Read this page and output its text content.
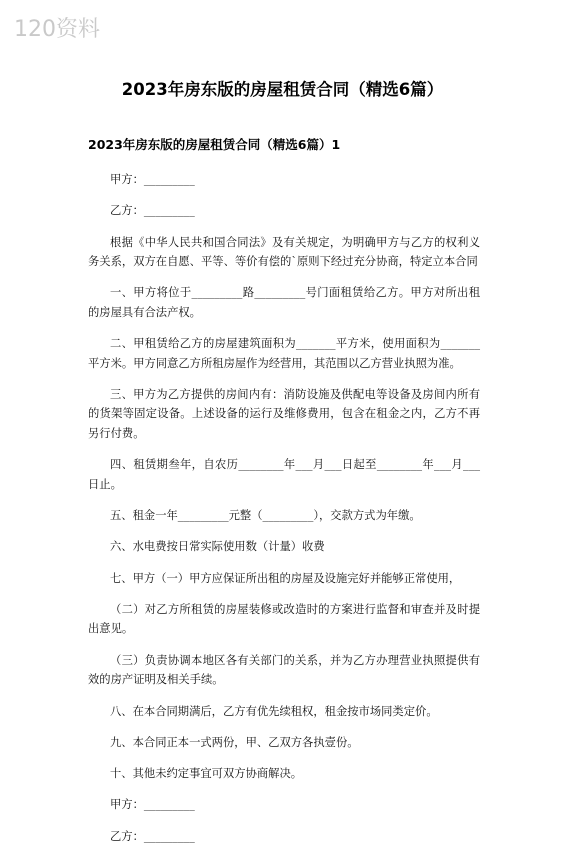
120资料
2023年房东版的房屋租赁合同（精选6篇）
2023年房东版的房屋租赁合同（精选6篇）1

甲方：_________

乙方：_________

根据《中华人民共和国合同法》及有关规定，为明确甲方与乙方的权利义务关系，双方在自愿、平等、等价有偿的`原则下经过充分协商，特定立本合同

一、甲方将位于_________路_________号门面租赁给乙方。甲方对所出租的房屋具有合法产权。

二、甲租赁给乙方的房屋建筑面积为_______平方米，使用面积为_______平方米。甲方同意乙方所租房屋作为经营用，其范围以乙方营业执照为准。

三、甲方为乙方提供的房间内有：消防设施及供配电等设备及房间内所有的货架等固定设备。上述设备的运行及维修费用，包含在租金之内，乙方不再另行付费。

四、租赁期叁年，自农历________年___月___日起至________年___月___日止。

五、租金一年_________元整（_________），交款方式为年缴。

六、水电费按日常实际使用数（计量）收费

七、甲方（一）甲方应保证所出租的房屋及设施完好并能够正常使用，

（二）对乙方所租赁的房屋装修或改造时的方案进行监督和审查并及时提出意见。

（三）负责协调本地区各有关部门的关系，并为乙方办理营业执照提供有效的房产证明及相关手续。

八、在本合同期满后，乙方有优先续租权，租金按市场同类定价。

九、本合同正本一式两份，甲、乙双方各执壹份。

十、其他未约定事宜可双方协商解决。

甲方：_________

乙方：_________
